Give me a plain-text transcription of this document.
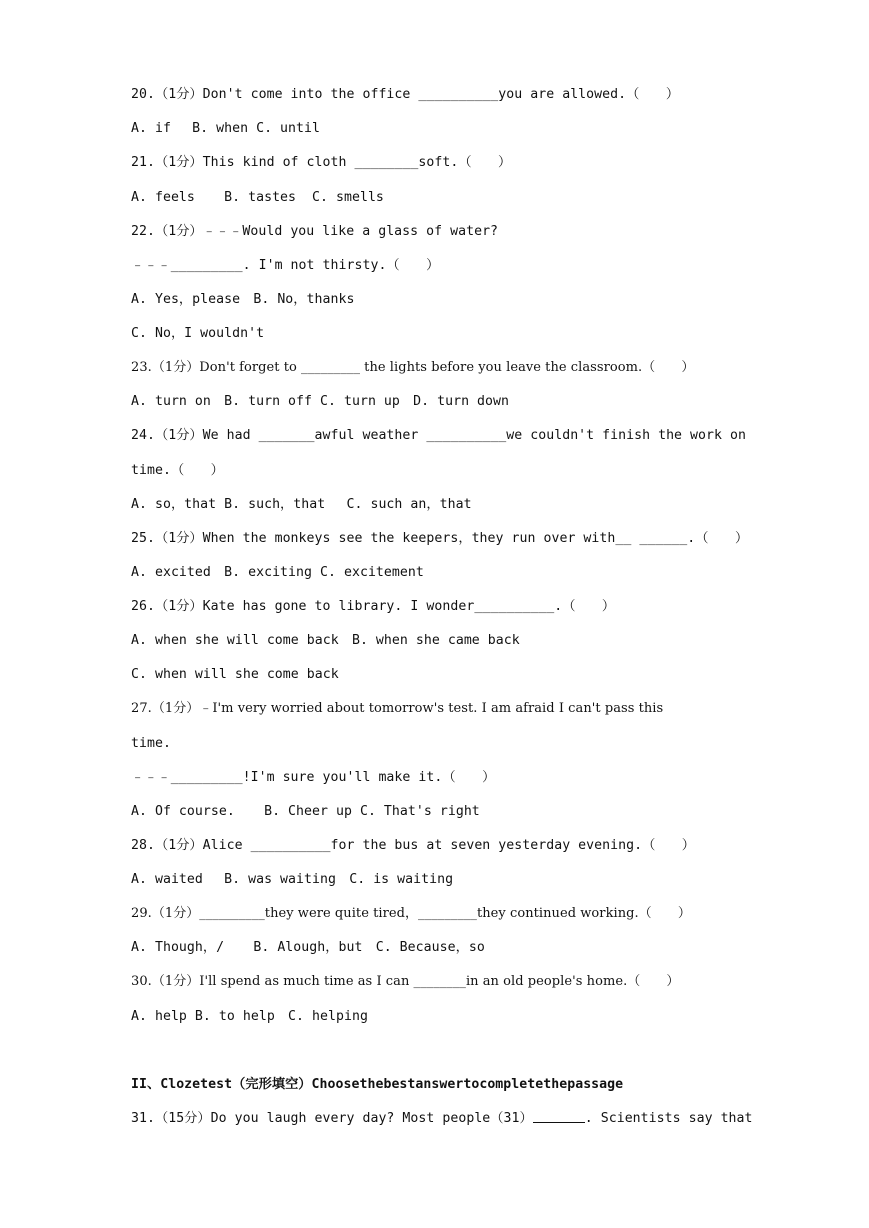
20.（1分）Don't come into the office __________you are allowed.（　　）
A. if　 B. when C. until
21.（1分）This kind of cloth ________soft.（　　）
A. feels　  B. tastes  C. smells
22.（1分）﹣﹣﹣Would you like a glass of water?
﹣﹣﹣_________. I'm not thirsty.（　　）
A. Yes，please　B. No，thanks
C. No，I wouldn't
23.（1分）Don't forget to _________ the lights before you leave the classroom.（　　）
A. turn on　B. turn off C. turn up　D. turn down
24.（1分）We had _______awful weather __________we couldn't finish the work on
time.（　　）
A. so，that B. such，that　 C. such an，that
25.（1分）When the monkeys see the keepers，they run over with__ ______.（　　）
A. excited　B. exciting C. excitement
26.（1分）Kate has gone to library. I wonder__________.（　　）
A. when she will come back　B. when she came back
C. when will she come back
27.（1分）﹣I'm very worried about tomorrow's test. I am afraid I can't pass this
time.
﹣﹣﹣_________!I'm sure you'll make it.（　　）
A. Of course.　  B. Cheer up C. That's right
28.（1分）Alice __________for the bus at seven yesterday evening.（　　）
A. waited　 B. was waiting　C. is waiting
29.（1分）__________they were quite tired，_________they continued working.（　　）
A. Though，/　  B. Alough，but　C. Because，so
30.（1分）I'll spend as much time as I can ________in an old people's home.（　　）
A. help B. to help　C. helping
II、Clozetest（完形填空）Choosethebestanswertocompletethepassage
31.（15分）Do you laugh every day? Most people（31）	. Scientists say that
